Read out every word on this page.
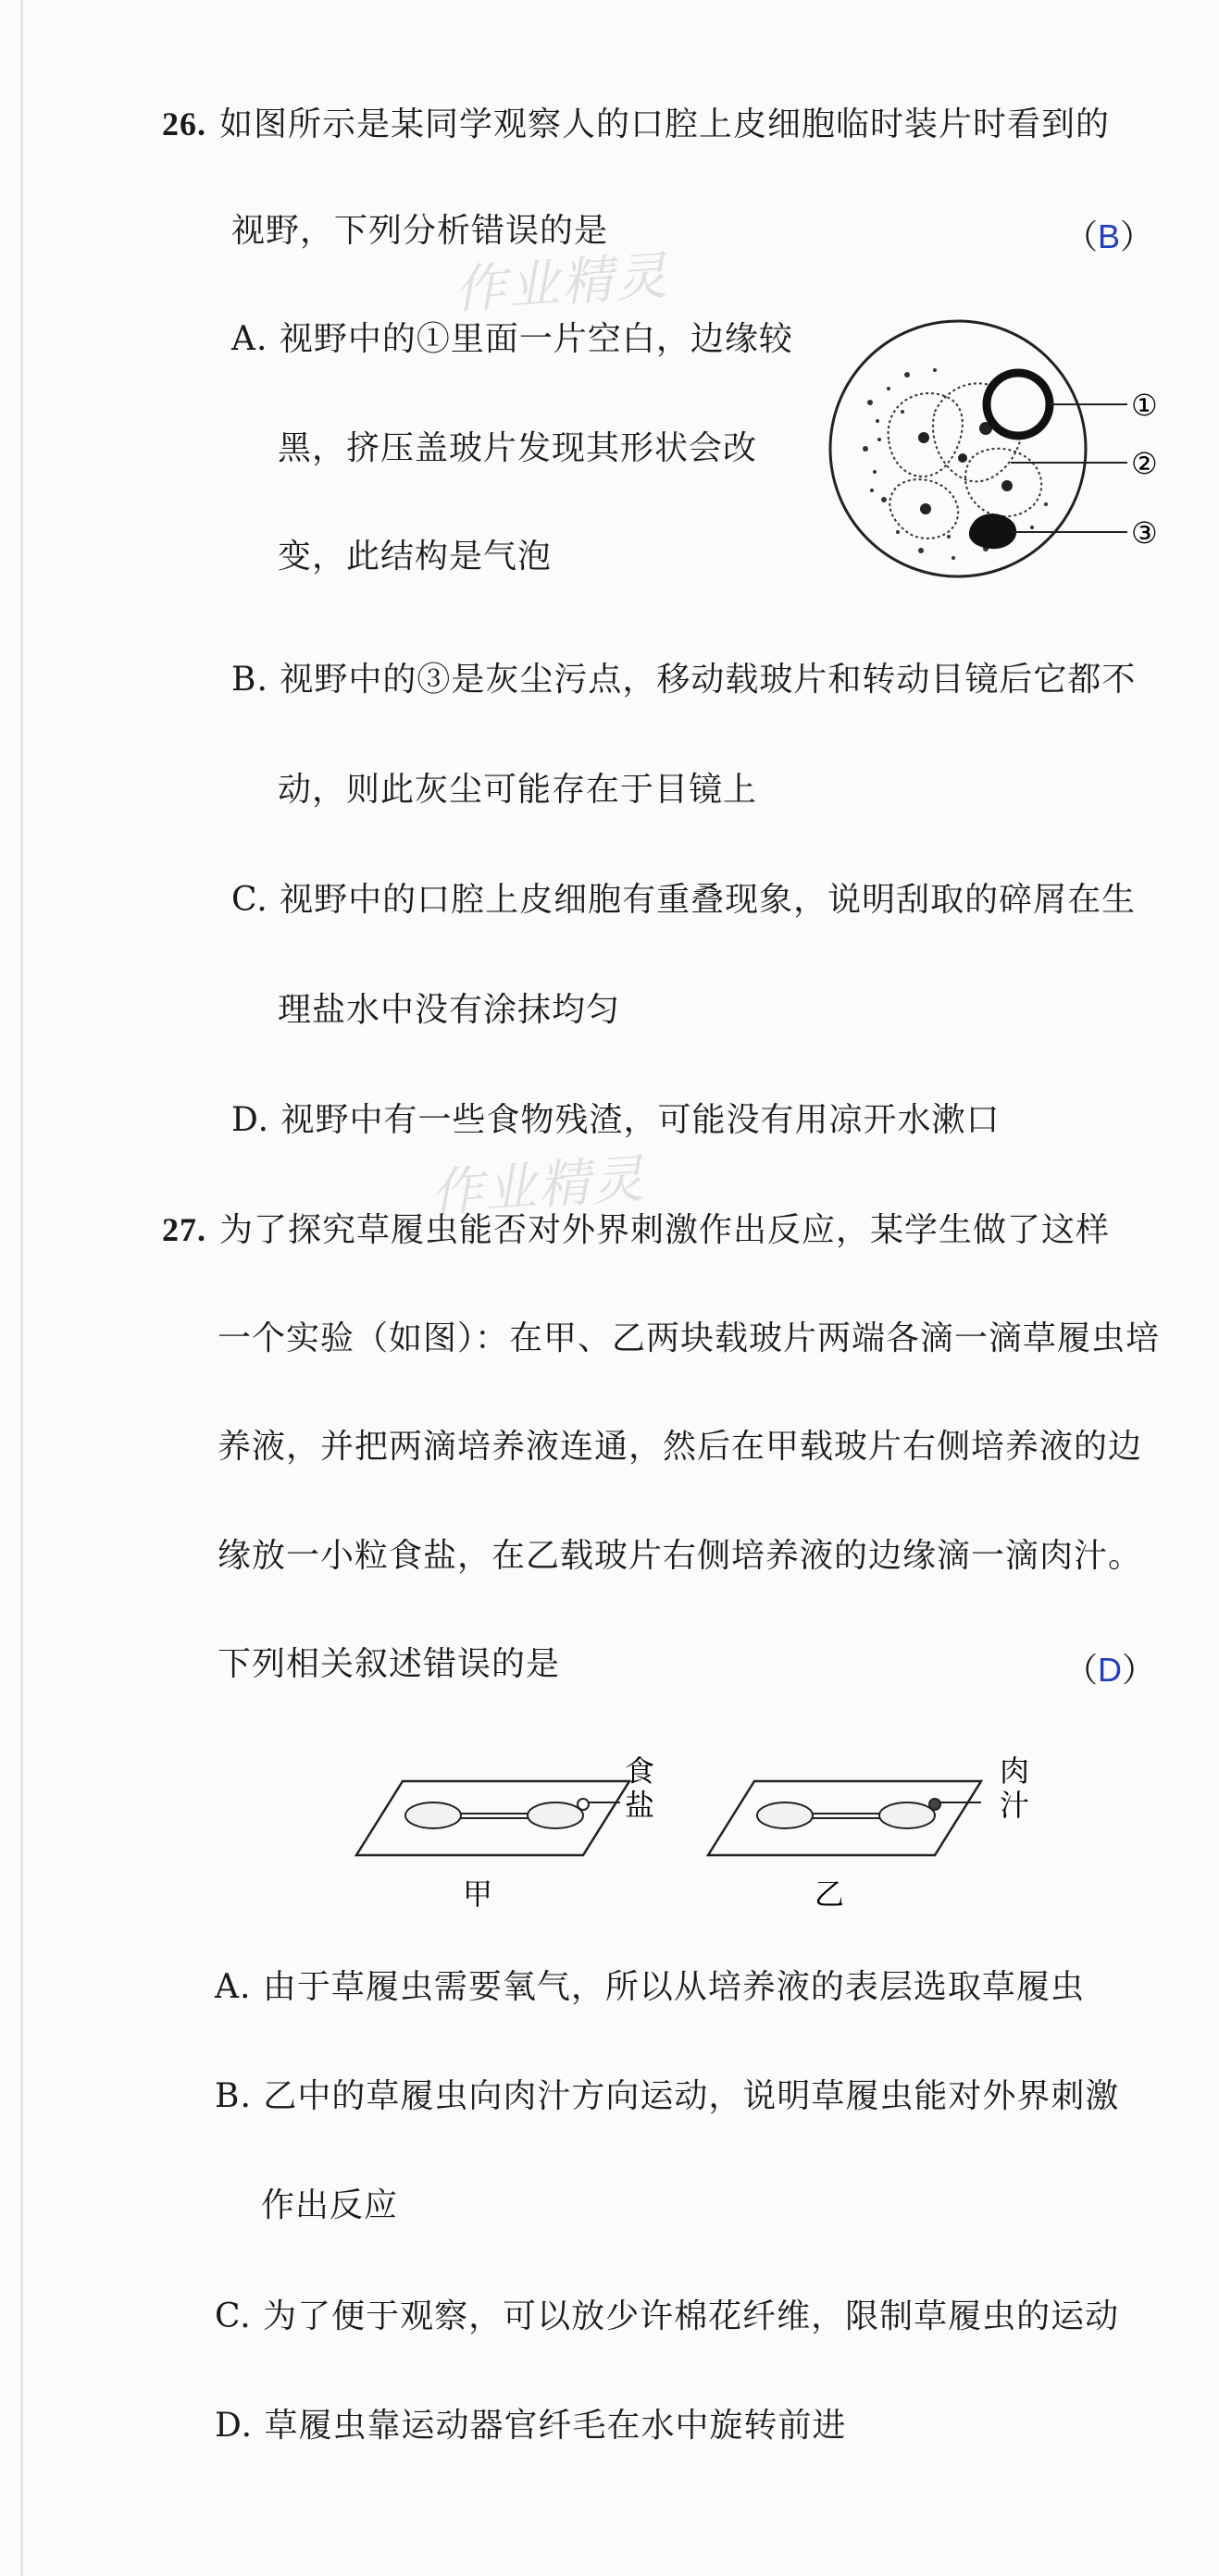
作业精灵
作业精灵
26. 如图所示是某同学观察人的口腔上皮细胞临时装片时看到的
视野，下列分析错误的是	（B）
A. 视野中的①里面一片空白，边缘较
黑，挤压盖玻片发现其形状会改
变，此结构是气泡
①
②
③
B. 视野中的③是灰尘污点，移动载玻片和转动目镜后它都不
动，则此灰尘可能存在于目镜上
C. 视野中的口腔上皮细胞有重叠现象，说明刮取的碎屑在生
理盐水中没有涂抹均匀
D. 视野中有一些食物残渣，可能没有用凉开水漱口
27. 为了探究草履虫能否对外界刺激作出反应，某学生做了这样
一个实验（如图）：在甲、乙两块载玻片两端各滴一滴草履虫培
养液，并把两滴培养液连通，然后在甲载玻片右侧培养液的边
缘放一小粒食盐，在乙载玻片右侧培养液的边缘滴一滴肉汁。
下列相关叙述错误的是	（D）
食
盐
甲
肉
汁
乙
A. 由于草履虫需要氧气，所以从培养液的表层选取草履虫
B. 乙中的草履虫向肉汁方向运动，说明草履虫能对外界刺激
作出反应
C. 为了便于观察，可以放少许棉花纤维，限制草履虫的运动
D. 草履虫靠运动器官纤毛在水中旋转前进
